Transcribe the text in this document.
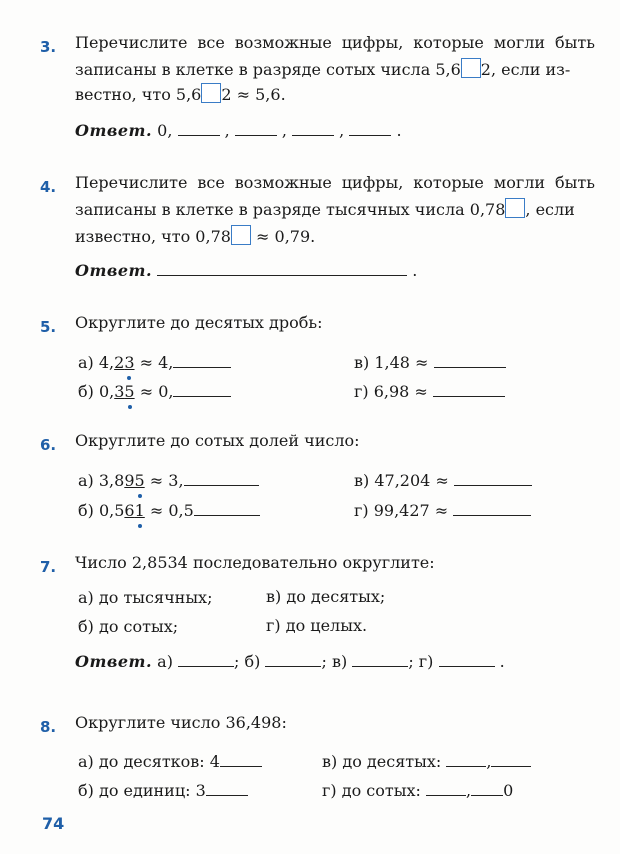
3. Перечислите все возможные цифры, которые могли быть
записаны в клетке в разряде сотых числа 5,6 2, если из-
вестно, что 5,6 2 ≈ 5,6.
Ответ. 0,	,	,	,	.
4. Перечислите все возможные цифры, которые могли быть
записаны в клетке в разряде тысячных числа 0,78 , если
известно, что 0,78 ≈ 0,79.
Ответ.	.
5. Округлите до десятых дробь:
а) 4,23 ≈ 4,
б) 0,35 ≈ 0,
в) 1,48 ≈
г) 6,98 ≈
6. Округлите до сотых долей число:
а) 3,895 ≈ 3,
б) 0,561 ≈ 0,5
в) 47,204 ≈
г) 99,427 ≈
7. Число 2,8534 последовательно округлите:
а) до тысячных;
б) до сотых;
в) до десятых;
г) до целых.
Ответ. а)	; б)	; в)	; г)	.
8. Округлите число 36,498:
а) до десятков: 4
б) до единиц: 3
в) до десятых:	,
г) до сотых:	, 0
74
